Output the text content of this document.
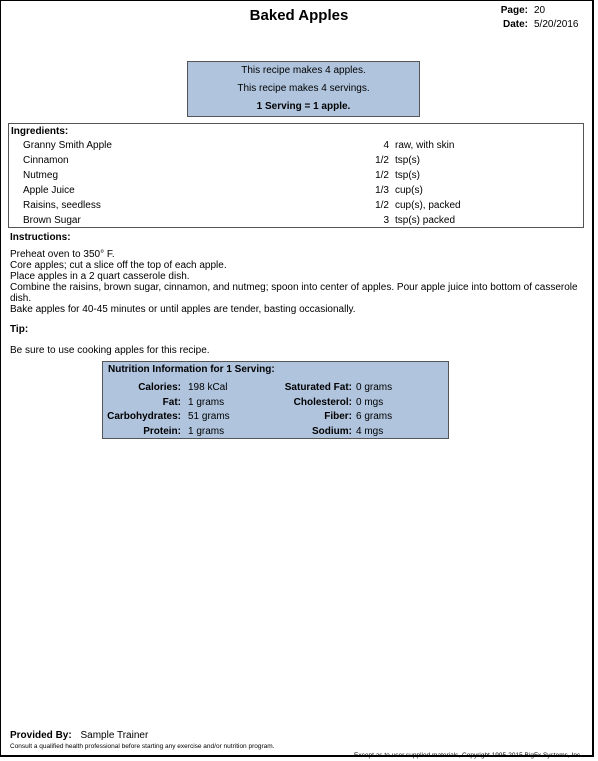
Baked Apples	Page: 20
Date: 5/20/2016
This recipe makes 4 apples.
This recipe makes 4 servings.
1 Serving = 1 apple.
Ingredients:
Granny Smith Apple	4 raw, with skin
Cinnamon	1/2 tsp(s)
Nutmeg	1/2 tsp(s)
Apple Juice	1/3 cup(s)
Raisins, seedless	1/2 cup(s), packed
Brown Sugar	3 tsp(s) packed
Instructions:
Preheat oven to 350° F.
Core apples; cut a slice off the top of each apple.
Place apples in a 2 quart casserole dish.
Combine the raisins, brown sugar, cinnamon, and nutmeg; spoon into center of apples. Pour apple juice into bottom of casserole dish.
Bake apples for 40-45 minutes or until apples are tender, basting occasionally.
Tip:
Be sure to use cooking apples for this recipe.
Nutrition Information for 1 Serving:
Calories: 198 kCal	Saturated Fat: 0 grams
Fat: 1 grams	Cholesterol: 0 mgs
Carbohydrates: 51 grams	Fiber: 6 grams
Protein: 1 grams	Sodium: 4 mgs
Provided By: Sample Trainer
Consult a qualified health professional before starting any exercise and/or nutrition program.
Except as to user supplied materials, Copyright 1995-2015 BigFx Systems, Inc.
